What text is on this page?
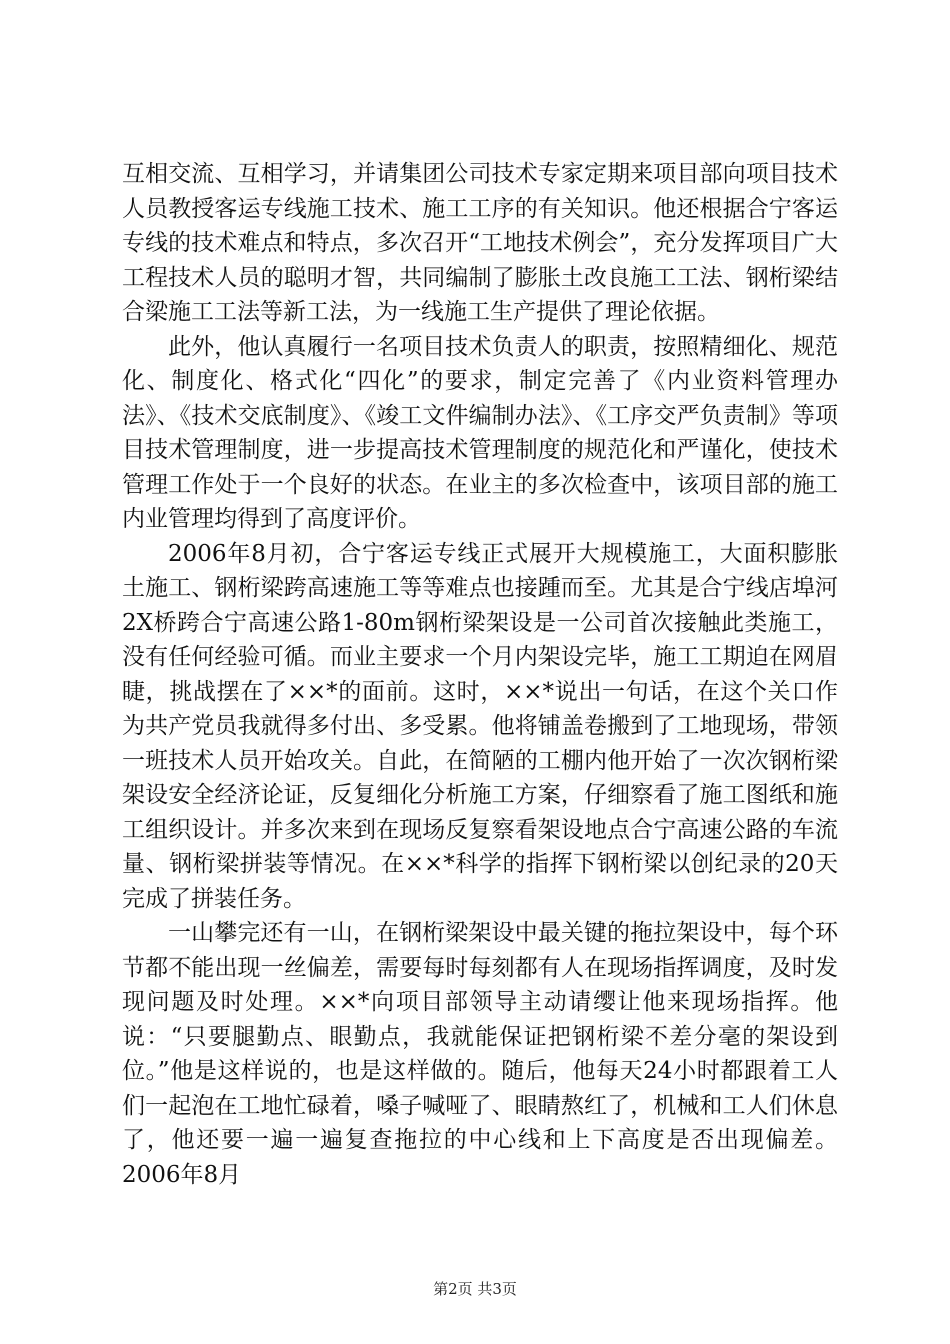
互相交流、互相学习，并请集团公司技术专家定期来项目部向项目技术人员教授客运专线施工技术、施工工序的有关知识。他还根据合宁客运专线的技术难点和特点，多次召开“工地技术例会”，充分发挥项目广大工程技术人员的聪明才智，共同编制了膨胀土改良施工工法、钢桁梁结合梁施工工法等新工法，为一线施工生产提供了理论依据。

此外，他认真履行一名项目技术负责人的职责，按照精细化、规范化、制度化、格式化“四化”的要求，制定完善了《内业资料管理办法》、《技术交底制度》、《竣工文件编制办法》、《工序交严负责制》等项目技术管理制度，进一步提高技术管理制度的规范化和严谨化，使技术管理工作处于一个良好的状态。在业主的多次检查中，该项目部的施工内业管理均得到了高度评价。

2006年8月初，合宁客运专线正式展开大规模施工，大面积膨胀土施工、钢桁梁跨高速施工等等难点也接踵而至。尤其是合宁线店埠河2X桥跨合宁高速公路1-80m钢桁梁架设是一公司首次接触此类施工，没有任何经验可循。而业主要求一个月内架设完毕，施工工期迫在网眉睫，挑战摆在了××*的面前。这时，××*说出一句话，在这个关口作为共产党员我就得多付出、多受累。他将铺盖卷搬到了工地现场，带领一班技术人员开始攻关。自此，在简陋的工棚内他开始了一次次钢桁梁架设安全经济论证，反复细化分析施工方案，仔细察看了施工图纸和施工组织设计。并多次来到在现场反复察看架设地点合宁高速公路的车流量、钢桁梁拼装等情况。在××*科学的指挥下钢桁梁以创纪录的20天完成了拼装任务。

一山攀完还有一山，在钢桁梁架设中最关键的拖拉架设中，每个环节都不能出现一丝偏差，需要每时每刻都有人在现场指挥调度，及时发现问题及时处理。××*向项目部领导主动请缨让他来现场指挥。他说：“只要腿勤点、眼勤点，我就能保证把钢桁梁不差分毫的架设到位。”他是这样说的，也是这样做的。随后，他每天24小时都跟着工人们一起泡在工地忙碌着，嗓子喊哑了、眼睛熬红了，机械和工人们休息了，他还要一遍一遍复查拖拉的中心线和上下高度是否出现偏差。2006年8月

第2页 共3页
